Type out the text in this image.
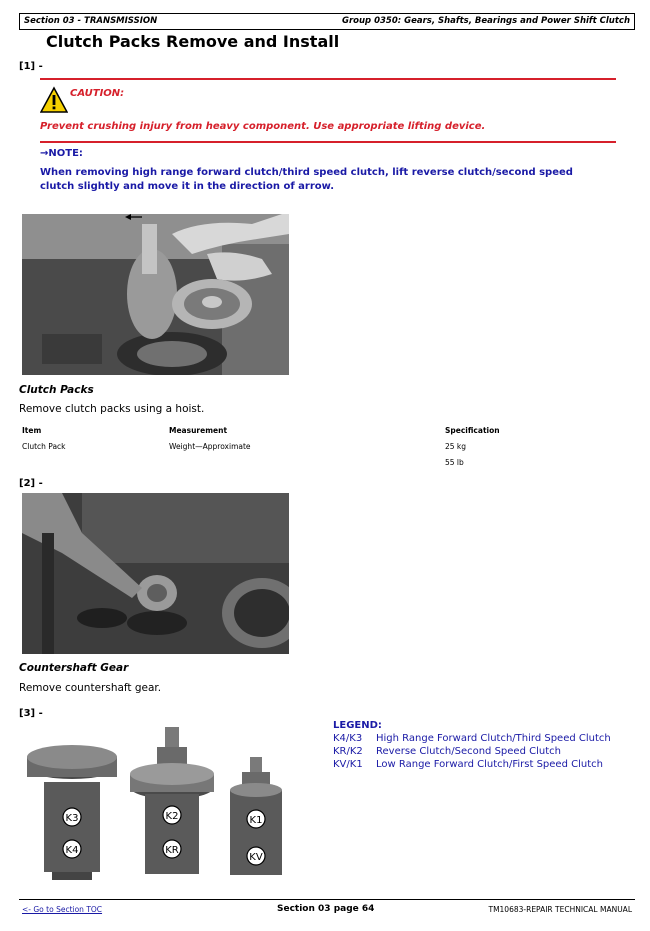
Section 03 - TRANSMISSION	Group 0350: Gears, Shafts, Bearings and Power Shift Clutch
Clutch Packs Remove and Install
[1] -
CAUTION:
Prevent crushing injury from heavy component. Use appropriate lifting device.
→NOTE:
When removing high range forward clutch/third speed clutch, lift reverse clutch/second speed clutch slightly and move it in the direction of arrow.
Clutch Packs
Remove clutch packs using a hoist.
Item	Measurement	Specification
Clutch Pack	Weight—Approximate	25 kg
55 lb
[2] -
Countershaft Gear
Remove countershaft gear.
[3] -
K3
K4
K2
KR
K1
KV
LEGEND:
K4/K3	High Range Forward Clutch/Third Speed Clutch
KR/K2	Reverse Clutch/Second Speed Clutch
KV/K1	Low Range Forward Clutch/First Speed Clutch
<- Go to Section TOC	Section 03 page 64	TM10683-REPAIR TECHNICAL MANUAL
